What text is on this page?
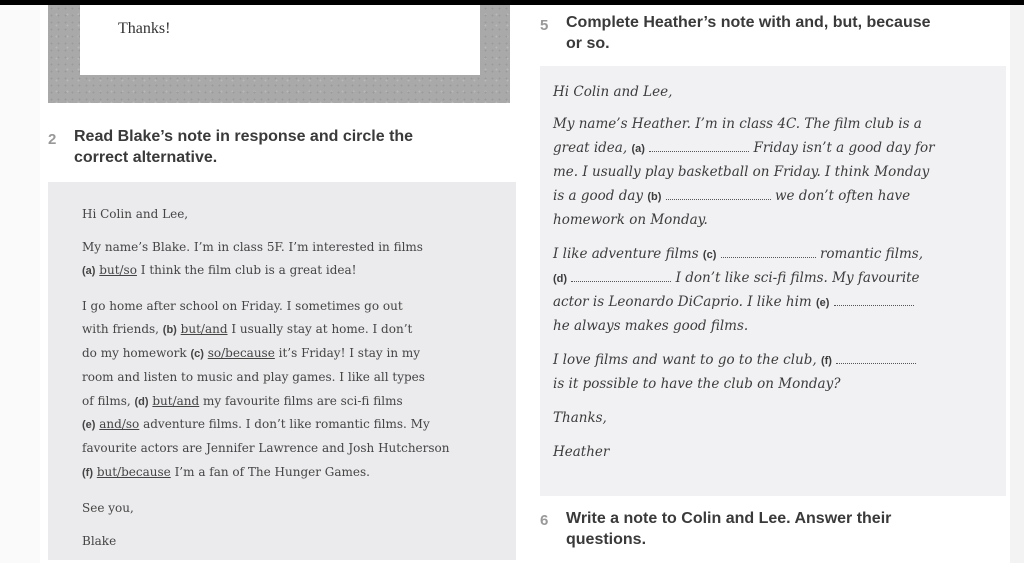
Thanks!
2 Read Blake’s note in response and circle the
correct alternative.
Hi Colin and Lee,
My name’s Blake. I’m in class 5F. I’m interested in films
(a) but/so I think the film club is a great idea!
I go home after school on Friday. I sometimes go out
with friends, (b) but/and I usually stay at home. I don’t
do my homework (c) so/because it’s Friday! I stay in my
room and listen to music and play games. I like all types
of films, (d) but/and my favourite films are sci-fi films
(e) and/so adventure films. I don’t like romantic films. My
favourite actors are Jennifer Lawrence and Josh Hutcherson
(f) but/because I’m a fan of The Hunger Games.
See you,
Blake
5 Complete Heather’s note with and, but, because
or so.
Hi Colin and Lee,
My name’s Heather. I’m in class 4C. The film club is a
great idea, (a)	Friday isn’t a good day for
me. I usually play basketball on Friday. I think Monday
is a good day (b)	we don’t often have
homework on Monday.
I like adventure films (c)	romantic films,
(d)	I don’t like sci-fi films. My favourite
actor is Leonardo DiCaprio. I like him (e)
he always makes good films.
I love films and want to go to the club, (f)
is it possible to have the club on Monday?
Thanks,
Heather
6 Write a note to Colin and Lee. Answer their
questions.
